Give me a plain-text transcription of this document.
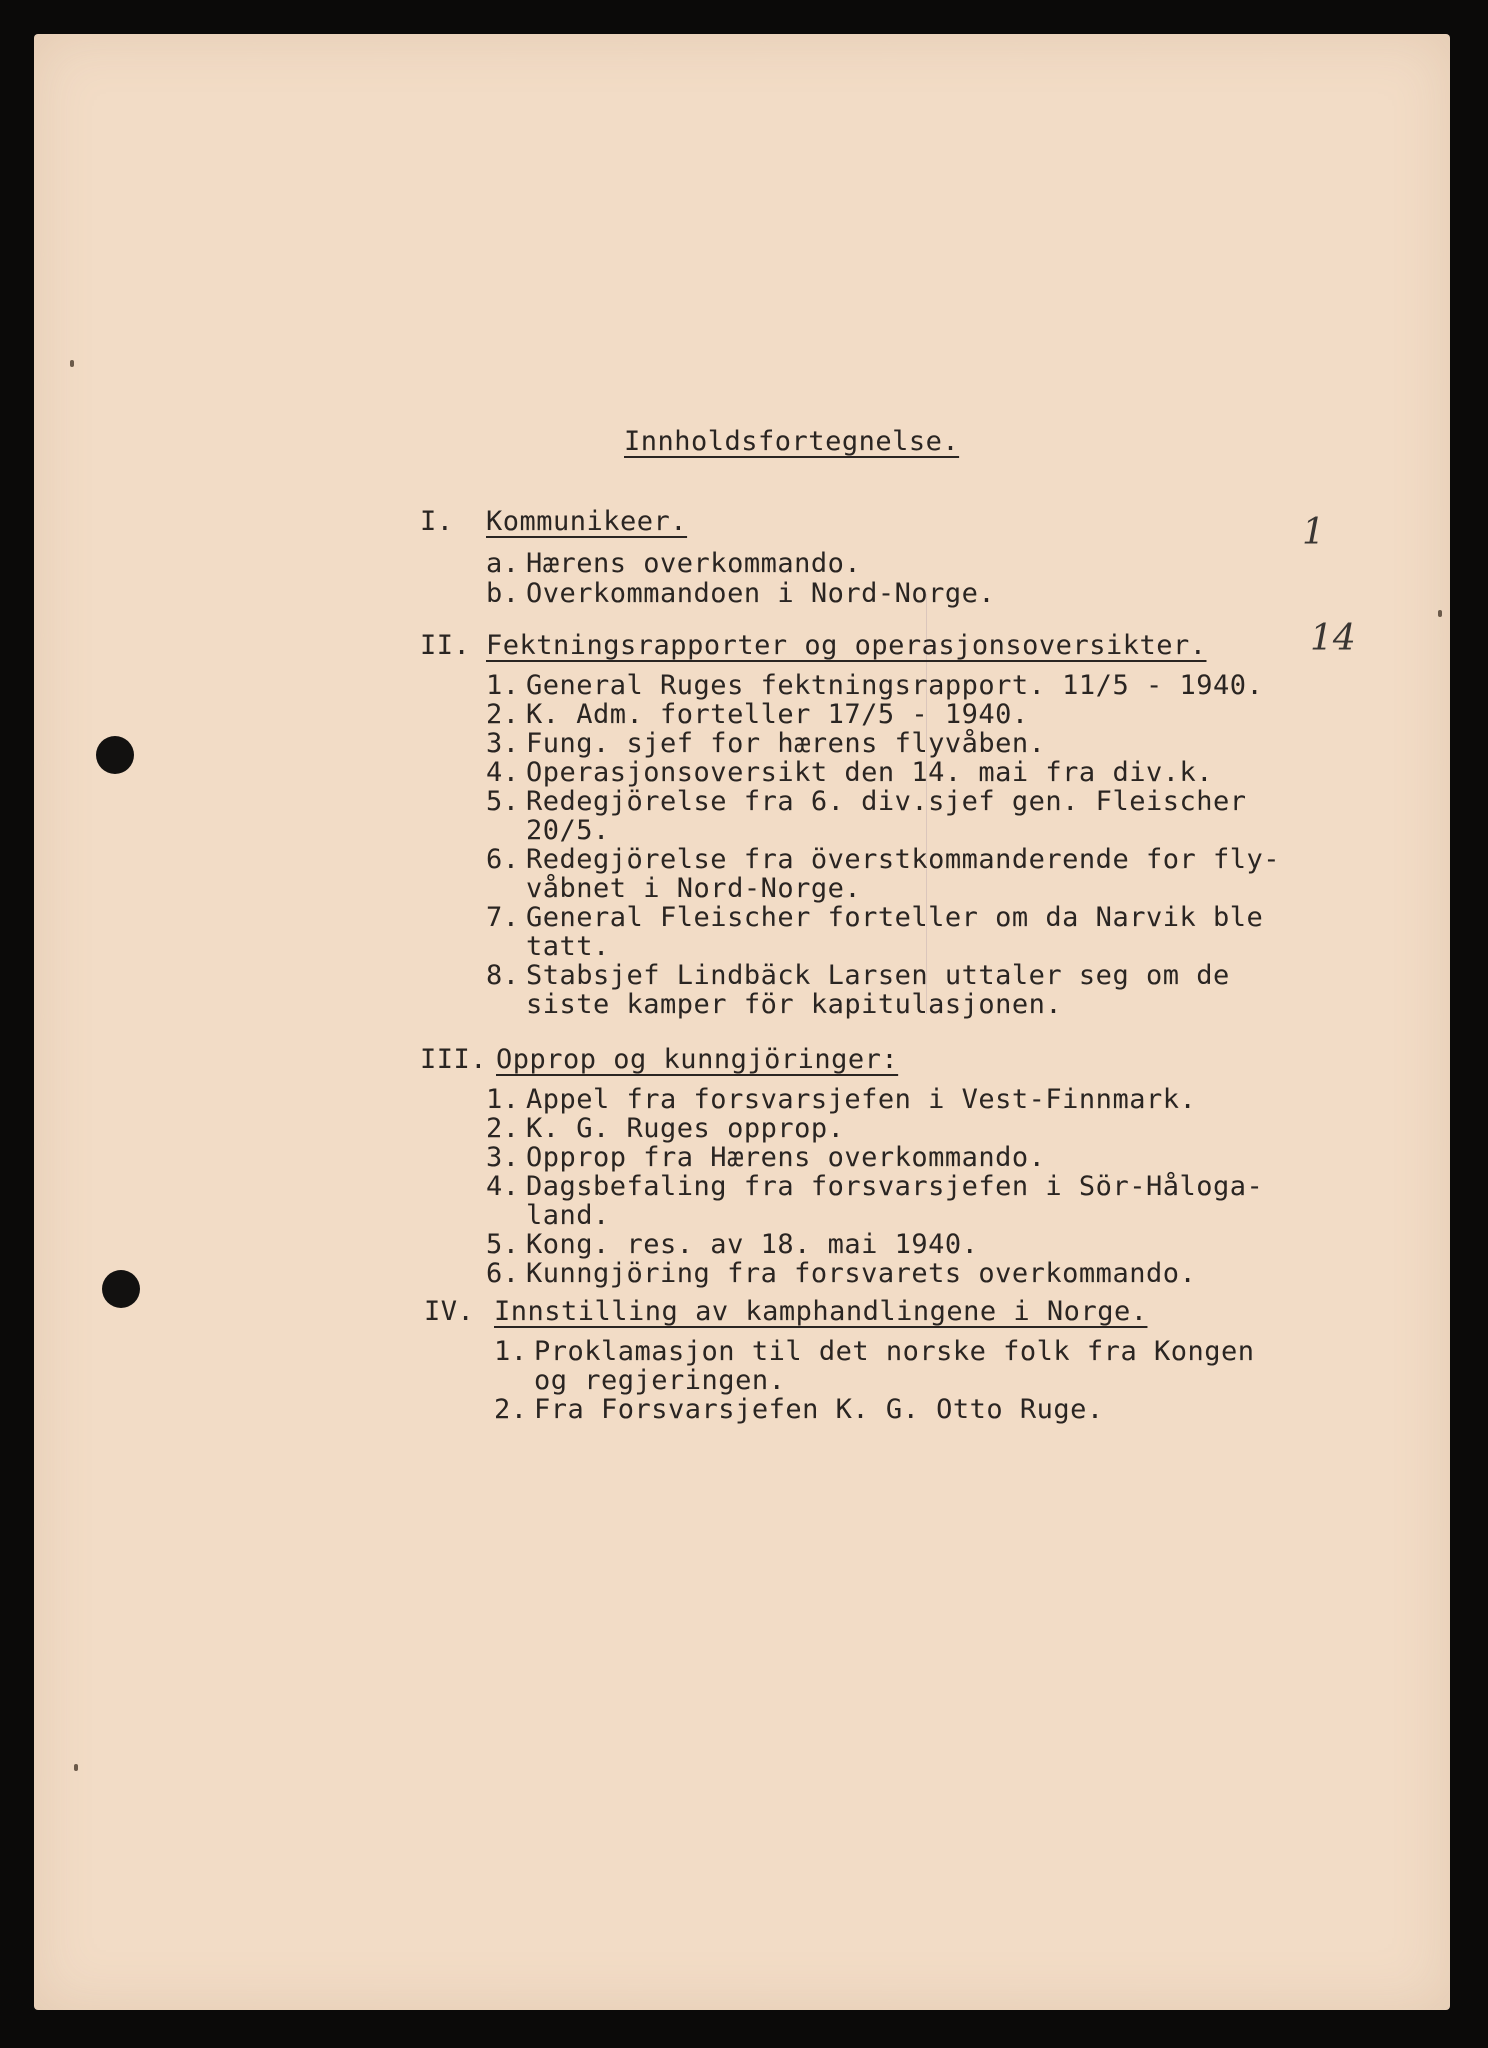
1
14
Innholdsfortegnelse.
I. Kommunikeer.
a. Hærens overkommando.
b. Overkommandoen i Nord-Norge.
II. Fektningsrapporter og operasjonsoversikter.
1. General Ruges fektningsrapport. 11/5 - 1940.
2. K. Adm. forteller 17/5 - 1940.
3. Fung. sjef for hærens flyvåben.
4. Operasjonsoversikt den 14. mai fra div.k.
5. Redegjörelse fra 6. div.sjef gen. Fleischer
20/5.
6. Redegjörelse fra överstkommanderende for fly-
våbnet i Nord-Norge.
7. General Fleischer forteller om da Narvik ble
tatt.
8. Stabsjef Lindbäck Larsen uttaler seg om de
siste kamper för kapitulasjonen.
III. Opprop og kunngjöringer:
1. Appel fra forsvarsjefen i Vest-Finnmark.
2. K. G. Ruges opprop.
3. Opprop fra Hærens overkommando.
4. Dagsbefaling fra forsvarsjefen i Sör-Håloga-
land.
5. Kong. res. av 18. mai 1940.
6. Kunngjöring fra forsvarets overkommando.
IV. Innstilling av kamphandlingene i Norge.
1. Proklamasjon til det norske folk fra Kongen
og regjeringen.
2. Fra Forsvarsjefen K. G. Otto Ruge.
